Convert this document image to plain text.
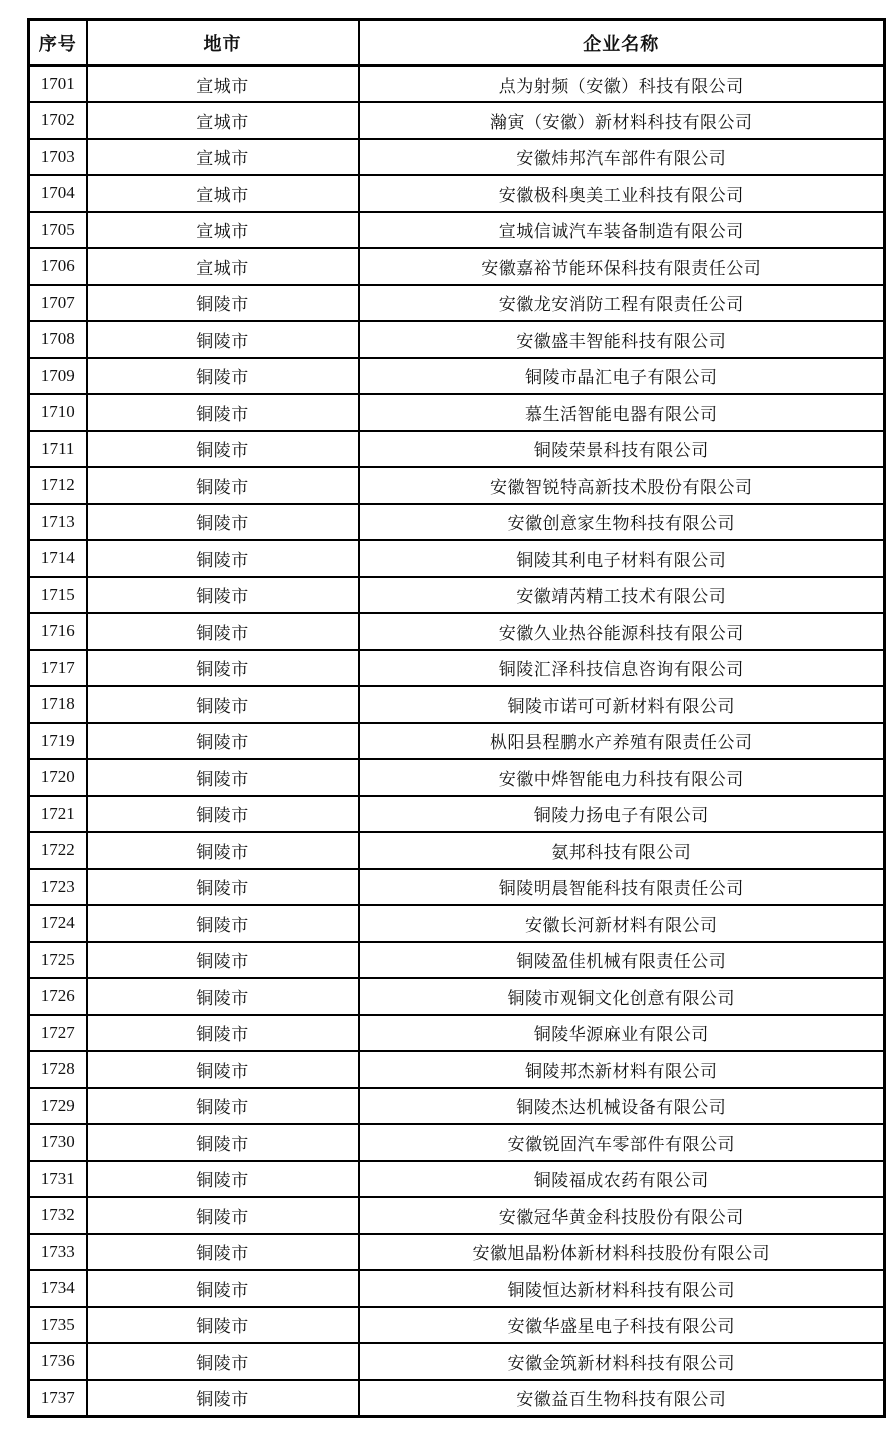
序号	地市	企业名称
1701	宣城市	点为射频（安徽）科技有限公司
1702	宣城市	瀚寅（安徽）新材料科技有限公司
1703	宣城市	安徽炜邦汽车部件有限公司
1704	宣城市	安徽极科奥美工业科技有限公司
1705	宣城市	宣城信诚汽车装备制造有限公司
1706	宣城市	安徽嘉裕节能环保科技有限责任公司
1707	铜陵市	安徽龙安消防工程有限责任公司
1708	铜陵市	安徽盛丰智能科技有限公司
1709	铜陵市	铜陵市晶汇电子有限公司
1710	铜陵市	慕生活智能电器有限公司
1711	铜陵市	铜陵荣景科技有限公司
1712	铜陵市	安徽智锐特高新技术股份有限公司
1713	铜陵市	安徽创意家生物科技有限公司
1714	铜陵市	铜陵其利电子材料有限公司
1715	铜陵市	安徽靖芮精工技术有限公司
1716	铜陵市	安徽久业热谷能源科技有限公司
1717	铜陵市	铜陵汇泽科技信息咨询有限公司
1718	铜陵市	铜陵市诺可可新材料有限公司
1719	铜陵市	枞阳县程鹏水产养殖有限责任公司
1720	铜陵市	安徽中烨智能电力科技有限公司
1721	铜陵市	铜陵力扬电子有限公司
1722	铜陵市	氨邦科技有限公司
1723	铜陵市	铜陵明晨智能科技有限责任公司
1724	铜陵市	安徽长河新材料有限公司
1725	铜陵市	铜陵盈佳机械有限责任公司
1726	铜陵市	铜陵市观铜文化创意有限公司
1727	铜陵市	铜陵华源麻业有限公司
1728	铜陵市	铜陵邦杰新材料有限公司
1729	铜陵市	铜陵杰达机械设备有限公司
1730	铜陵市	安徽锐固汽车零部件有限公司
1731	铜陵市	铜陵福成农药有限公司
1732	铜陵市	安徽冠华黄金科技股份有限公司
1733	铜陵市	安徽旭晶粉体新材料科技股份有限公司
1734	铜陵市	铜陵恒达新材料科技有限公司
1735	铜陵市	安徽华盛星电子科技有限公司
1736	铜陵市	安徽金筑新材料科技有限公司
1737	铜陵市	安徽益百生物科技有限公司
